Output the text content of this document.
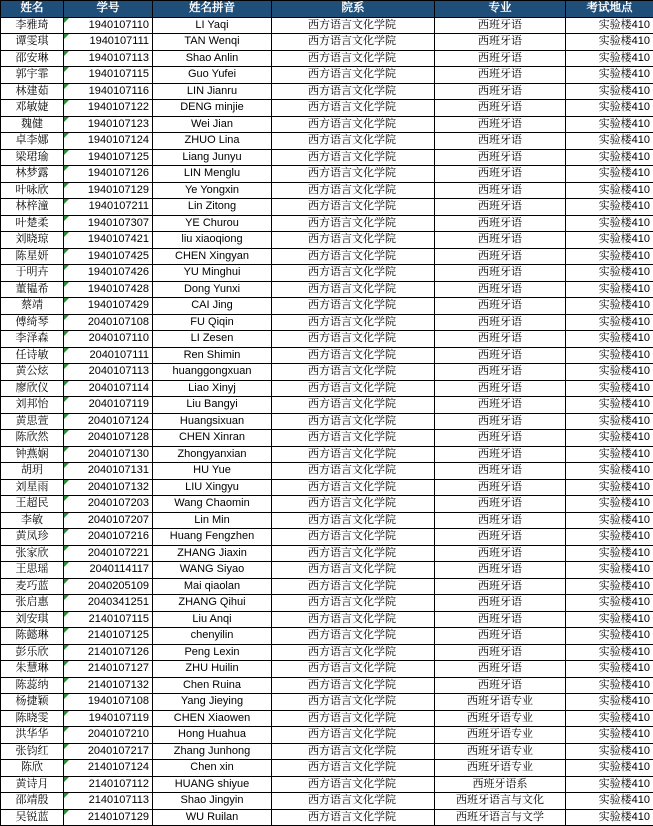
姓名	学号	姓名拼音	院系	专业	考试地点
李雅琦	1940107110	LI Yaqi	西方语言文化学院	西班牙语	实验楼410
谭雯琪	1940107111	TAN Wenqi	西方语言文化学院	西班牙语	实验楼410
邵安琳	1940107113	Shao Anlin	西方语言文化学院	西班牙语	实验楼410
郭宇霏	1940107115	Guo Yufei	西方语言文化学院	西班牙语	实验楼410
林建茹	1940107116	LIN Jianru	西方语言文化学院	西班牙语	实验楼410
邓敏婕	1940107122	DENG minjie	西方语言文化学院	西班牙语	实验楼410
魏健	1940107123	Wei Jian	西方语言文化学院	西班牙语	实验楼410
卓李娜	1940107124	ZHUO Lina	西方语言文化学院	西班牙语	实验楼410
梁珺瑜	1940107125	Liang Junyu	西方语言文化学院	西班牙语	实验楼410
林梦露	1940107126	LIN Menglu	西方语言文化学院	西班牙语	实验楼410
叶咏欣	1940107129	Ye Yongxin	西方语言文化学院	西班牙语	实验楼410
林梓潼	1940107211	Lin Zitong	西方语言文化学院	西班牙语	实验楼410
叶楚柔	1940107307	YE Churou	西方语言文化学院	西班牙语	实验楼410
刘晓琼	1940107421	liu xiaoqiong	西方语言文化学院	西班牙语	实验楼410
陈星妍	1940107425	CHEN Xingyan	西方语言文化学院	西班牙语	实验楼410
于明卉	1940107426	YU Minghui	西方语言文化学院	西班牙语	实验楼410
董韫希	1940107428	Dong Yunxi	西方语言文化学院	西班牙语	实验楼410
蔡靖	1940107429	CAI Jing	西方语言文化学院	西班牙语	实验楼410
傅绮琴	2040107108	FU Qiqin	西方语言文化学院	西班牙语	实验楼410
李泽森	2040107110	LI Zesen	西方语言文化学院	西班牙语	实验楼410
任诗敏	2040107111	Ren Shimin	西方语言文化学院	西班牙语	实验楼410
黄公炫	2040107113	huanggongxuan	西方语言文化学院	西班牙语	实验楼410
廖欣仪	2040107114	Liao Xinyj	西方语言文化学院	西班牙语	实验楼410
刘邦怡	2040107119	Liu Bangyi	西方语言文化学院	西班牙语	实验楼410
黄思萱	2040107124	Huangsixuan	西方语言文化学院	西班牙语	实验楼410
陈欣然	2040107128	CHEN Xinran	西方语言文化学院	西班牙语	实验楼410
钟燕娴	2040107130	Zhongyanxian	西方语言文化学院	西班牙语	实验楼410
胡玥	2040107131	HU Yue	西方语言文化学院	西班牙语	实验楼410
刘星雨	2040107132	LIU Xingyu	西方语言文化学院	西班牙语	实验楼410
王超民	2040107203	Wang Chaomin	西方语言文化学院	西班牙语	实验楼410
李敏	2040107207	Lin Min	西方语言文化学院	西班牙语	实验楼410
黄凤珍	2040107216	Huang Fengzhen	西方语言文化学院	西班牙语	实验楼410
张家欣	2040107221	ZHANG Jiaxin	西方语言文化学院	西班牙语	实验楼410
王思瑶	2040114117	WANG Siyao	西方语言文化学院	西班牙语	实验楼410
麦巧蓝	2040205109	Mai qiaolan	西方语言文化学院	西班牙语	实验楼410
张启惠	2040341251	ZHANG Qihui	西方语言文化学院	西班牙语	实验楼410
刘安琪	2140107115	Liu Anqi	西方语言文化学院	西班牙语	实验楼410
陈懿琳	2140107125	chenyilin	西方语言文化学院	西班牙语	实验楼410
彭乐欣	2140107126	Peng Lexin	西方语言文化学院	西班牙语	实验楼410
朱慧琳	2140107127	ZHU Huilin	西方语言文化学院	西班牙语	实验楼410
陈蕊纳	2140107132	Chen Ruina	西方语言文化学院	西班牙语	实验楼410
杨捷颖	1940107108	Yang Jieying	西方语言文化学院	西班牙语专业	实验楼410
陈晓雯	1940107119	CHEN Xiaowen	西方语言文化学院	西班牙语专业	实验楼410
洪华华	2040107210	Hong Huahua	西方语言文化学院	西班牙语专业	实验楼410
张钧红	2040107217	Zhang Junhong	西方语言文化学院	西班牙语专业	实验楼410
陈欣	2140107124	Chen xin	西方语言文化学院	西班牙语专业	实验楼410
黄诗月	2140107112	HUANG shiyue	西方语言文化学院	西班牙语系	实验楼410
邵靖殷	2140107113	Shao Jingyin	西方语言文化学院	西班牙语言与文化	实验楼410
吴锐蓝	2140107129	WU Ruilan	西方语言文化学院	西班牙语言与文学	实验楼410
